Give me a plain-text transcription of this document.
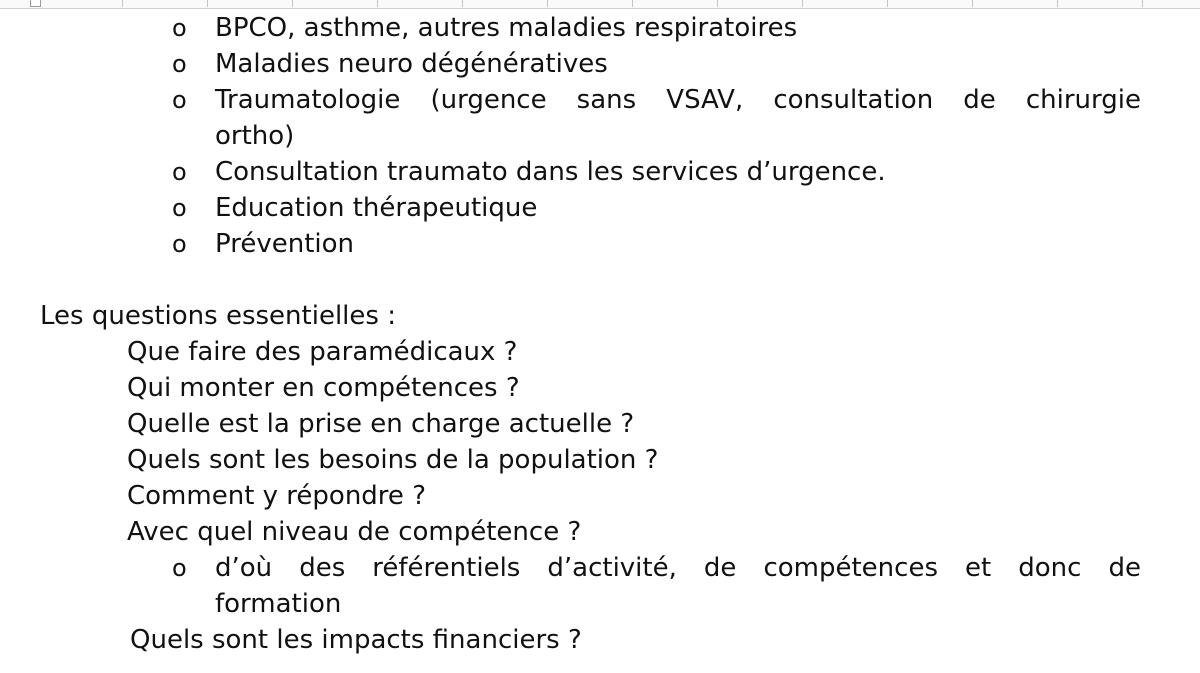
o BPCO, asthme, autres maladies respiratoires
o Maladies neuro dégénératives
o Traumatologie (urgence sans VSAV, consultation de chirurgie
ortho)
o Consultation traumato dans les services d’urgence.
o Education thérapeutique
o Prévention
Les questions essentielles :
Que faire des paramédicaux ?
Qui monter en compétences ?
Quelle est la prise en charge actuelle ?
Quels sont les besoins de la population ?
Comment y répondre ?
Avec quel niveau de compétence ?
o d’où des référentiels d’activité, de compétences et donc de
formation
Quels sont les impacts financiers ?
